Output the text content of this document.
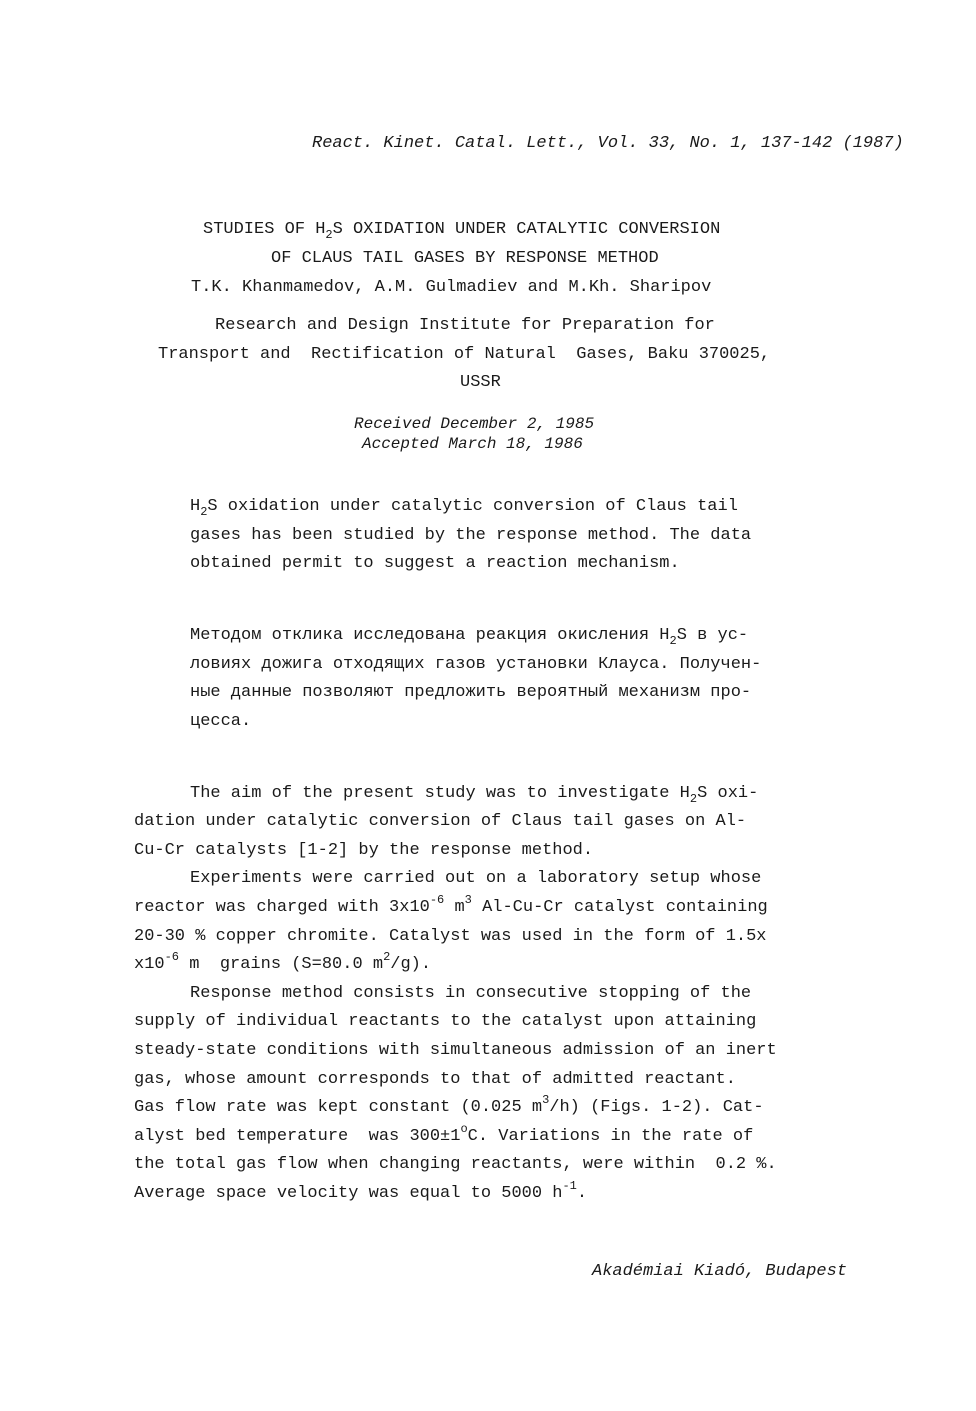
React. Kinet. Catal. Lett., Vol. 33, No. 1, 137-142 (1987)
STUDIES OF $H_2S$ OXIDATION UNDER CATALYTIC CONVERSION
OF CLAUS TAIL GASES BY RESPONSE METHOD
T.K. Khanmamedov, A.M. Gulmadiev and M.Kh. Sharipov
Research and Design Institute for Preparation for
Transport and  Rectification of Natural  Gases, Baku 370025,
USSR
Received December 2, 1985
Accepted March 18, 1986
$H_2S$ oxidation under catalytic conversion of Claus tail
gases has been studied by the response method. The data
obtained permit to suggest a reaction mechanism.
Методом отклика исследована реакция окисления $H_2S$ в ус-
ловиях дожига отходящих газов установки Клауса. Получен-
ные данные позволяют предложить вероятный механизм про-
цесса.
The aim of the present study was to investigate $H_2S$ oxi-
dation under catalytic conversion of Claus tail gases on Al-
Cu-Cr catalysts [1-2] by the response method.
Experiments were carried out on a laboratory setup whose
reactor was charged with $3x10^{-6}$ $m^3$ Al-Cu-Cr catalyst containing
20-30 % copper chromite. Catalyst was used in the form of 1.5x
$x10^{-6}$ m  grains (S=80.0 $m^2/g$).
Response method consists in consecutive stopping of the
supply of individual reactants to the catalyst upon attaining
steady-state conditions with simultaneous admission of an inert
gas, whose amount corresponds to that of admitted reactant.
Gas flow rate was kept constant (0.025 $m^3/h$) (Figs. 1-2). Cat-
alyst bed temperature  was $300\pm 1^oC$. Variations in the rate of
the total gas flow when changing reactants, were within  0.2 %.
Average space velocity was equal to 5000 $h^{-1}$.
Akadémiai Kiadó, Budapest
